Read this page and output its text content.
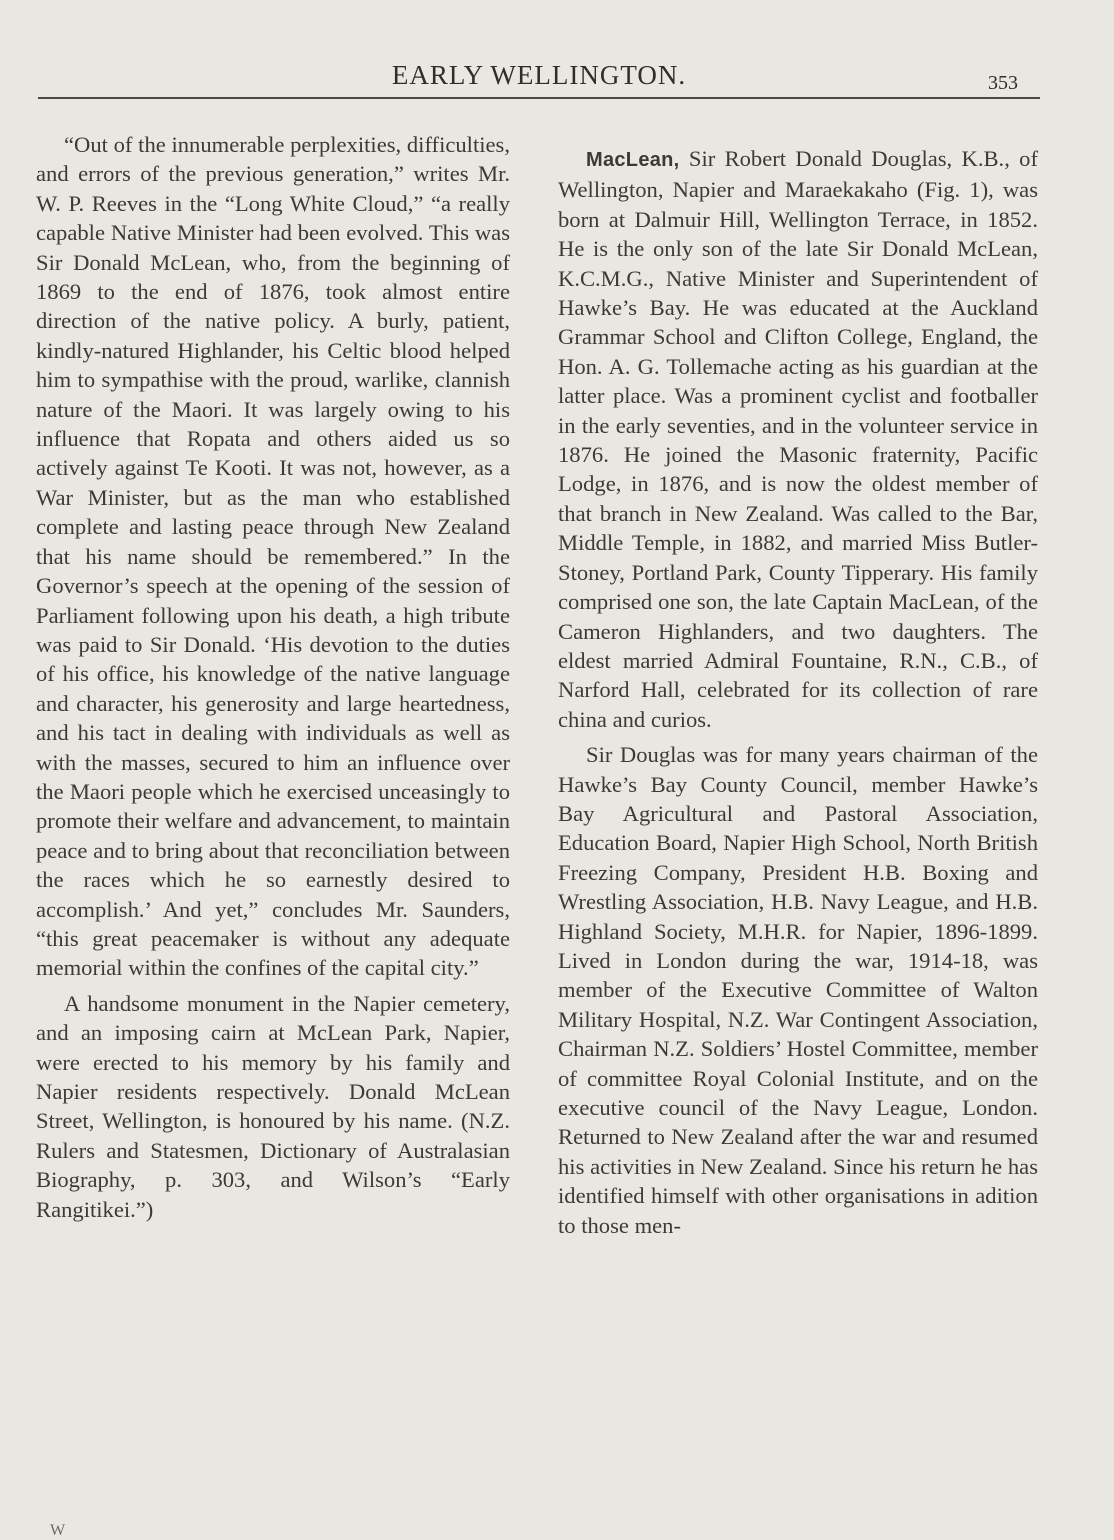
EARLY WELLINGTON.	353

“Out of the innumerable perplexities, difficulties, and errors of the previous generation,” writes Mr. W. P. Reeves in the “Long White Cloud,” “a really capable Native Minister had been evolved. This was Sir Donald McLean, who, from the beginning of 1869 to the end of 1876, took almost entire direction of the native policy. A burly, patient, kindly-natured Highlander, his Celtic blood helped him to sympathise with the proud, warlike, clannish nature of the Maori. It was largely owing to his influence that Ropata and others aided us so actively against Te Kooti. It was not, however, as a War Minister, but as the man who established complete and lasting peace through New Zealand that his name should be remembered.” In the Governor’s speech at the opening of the session of Parliament following upon his death, a high tribute was paid to Sir Donald. ‘His devotion to the duties of his office, his knowledge of the native language and character, his generosity and large heartedness, and his tact in dealing with individuals as well as with the masses, secured to him an influence over the Maori people which he exercised unceasingly to promote their welfare and advancement, to maintain peace and to bring about that reconciliation between the races which he so earnestly desired to accomplish.’ And yet,” concludes Mr. Saunders, “this great peacemaker is without any adequate memorial within the confines of the capital city.”

A handsome monument in the Napier cemetery, and an imposing cairn at McLean Park, Napier, were erected to his memory by his family and Napier residents respectively. Donald McLean Street, Wellington, is honoured by his name. (N.Z. Rulers and Statesmen, Dictionary of Australasian Biography, p. 303, and Wilson’s “Early Rangitikei.”)

MacLean, Sir Robert Donald Douglas, K.B., of Wellington, Napier and Maraekakaho (Fig. 1), was born at Dalmuir Hill, Wellington Terrace, in 1852. He is the only son of the late Sir Donald McLean, K.C.M.G., Native Minister and Superintendent of Hawke’s Bay. He was educated at the Auckland Grammar School and Clifton College, England, the Hon. A. G. Tollemache acting as his guardian at the latter place. Was a prominent cyclist and footballer in the early seventies, and in the volunteer service in 1876. He joined the Masonic fraternity, Pacific Lodge, in 1876, and is now the oldest member of that branch in New Zealand. Was called to the Bar, Middle Temple, in 1882, and married Miss Butler-Stoney, Portland Park, County Tipperary. His family comprised one son, the late Captain MacLean, of the Cameron Highlanders, and two daughters. The eldest married Admiral Fountaine, R.N., C.B., of Narford Hall, celebrated for its collection of rare china and curios.

Sir Douglas was for many years chairman of the Hawke’s Bay County Council, member Hawke’s Bay Agricultural and Pastoral Association, Education Board, Napier High School, North British Freezing Company, President H.B. Boxing and Wrestling Association, H.B. Navy League, and H.B. Highland Society, M.H.R. for Napier, 1896-1899. Lived in London during the war, 1914-18, was member of the Executive Committee of Walton Military Hospital, N.Z. War Contingent Association, Chairman N.Z. Soldiers’ Hostel Committee, member of committee Royal Colonial Institute, and on the executive council of the Navy League, London. Returned to New Zealand after the war and resumed his activities in New Zealand. Since his return he has identified himself with other organisations in adition to those men-

W
